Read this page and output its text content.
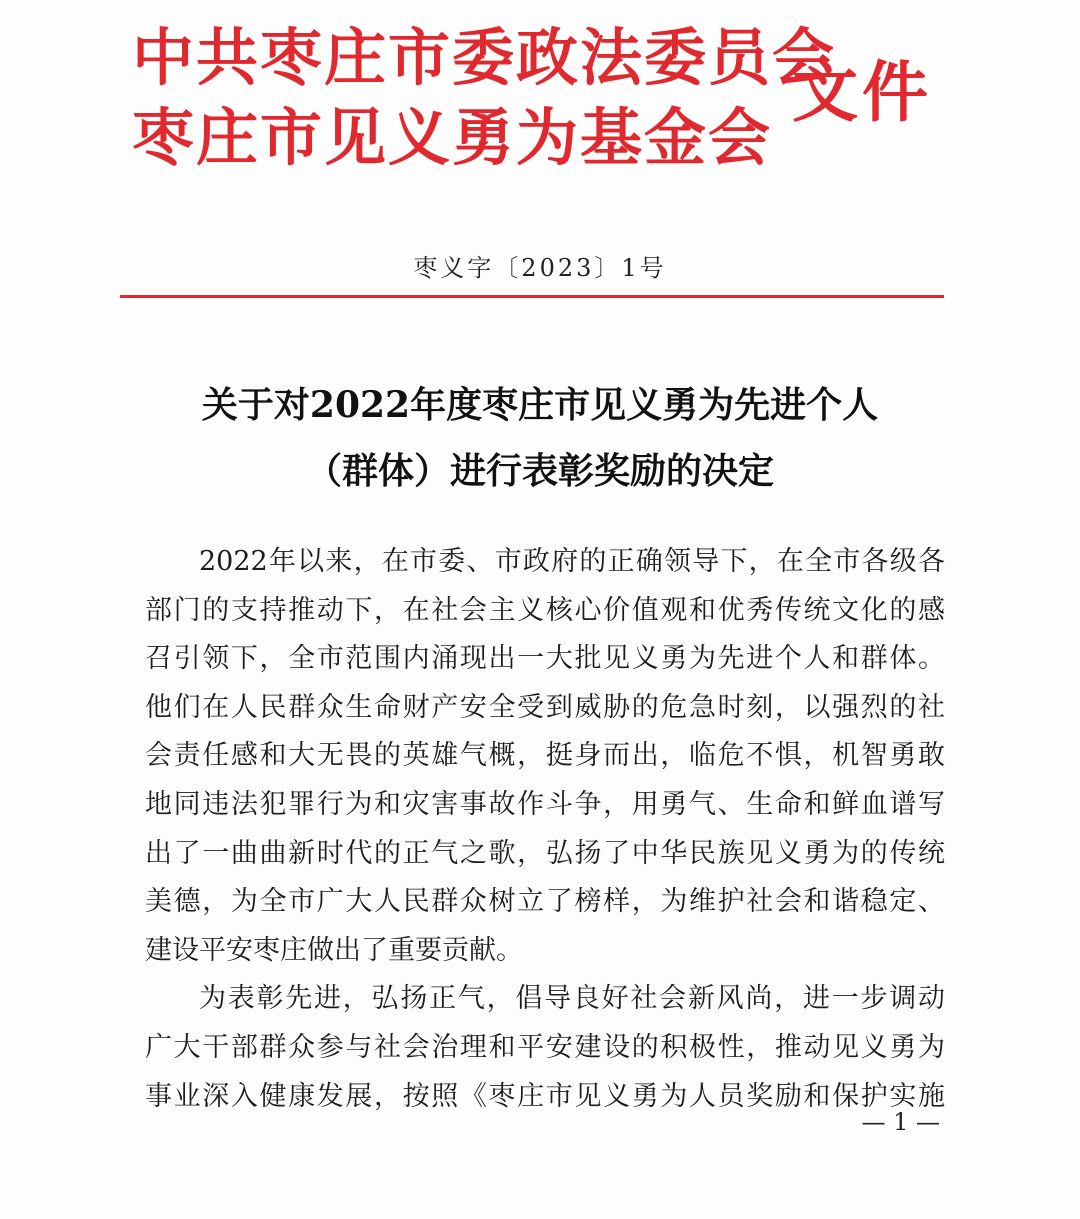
中共枣庄市委政法委员会
枣庄市见义勇为基金会
文件
枣义字〔2023〕1号
关于对2022年度枣庄市见义勇为先进个人
（群体）进行表彰奖励的决定
2022年以来，在市委、市政府的正确领导下，在全市各级各
部门的支持推动下，在社会主义核心价值观和优秀传统文化的感
召引领下，全市范围内涌现出一大批见义勇为先进个人和群体。
他们在人民群众生命财产安全受到威胁的危急时刻，以强烈的社
会责任感和大无畏的英雄气概，挺身而出，临危不惧，机智勇敢
地同违法犯罪行为和灾害事故作斗争，用勇气、生命和鲜血谱写
出了一曲曲新时代的正气之歌，弘扬了中华民族见义勇为的传统
美德，为全市广大人民群众树立了榜样，为维护社会和谐稳定、
建设平安枣庄做出了重要贡献。
为表彰先进，弘扬正气，倡导良好社会新风尚，进一步调动
广大干部群众参与社会治理和平安建设的积极性，推动见义勇为
事业深入健康发展，按照《枣庄市见义勇为人员奖励和保护实施
— 1 —
